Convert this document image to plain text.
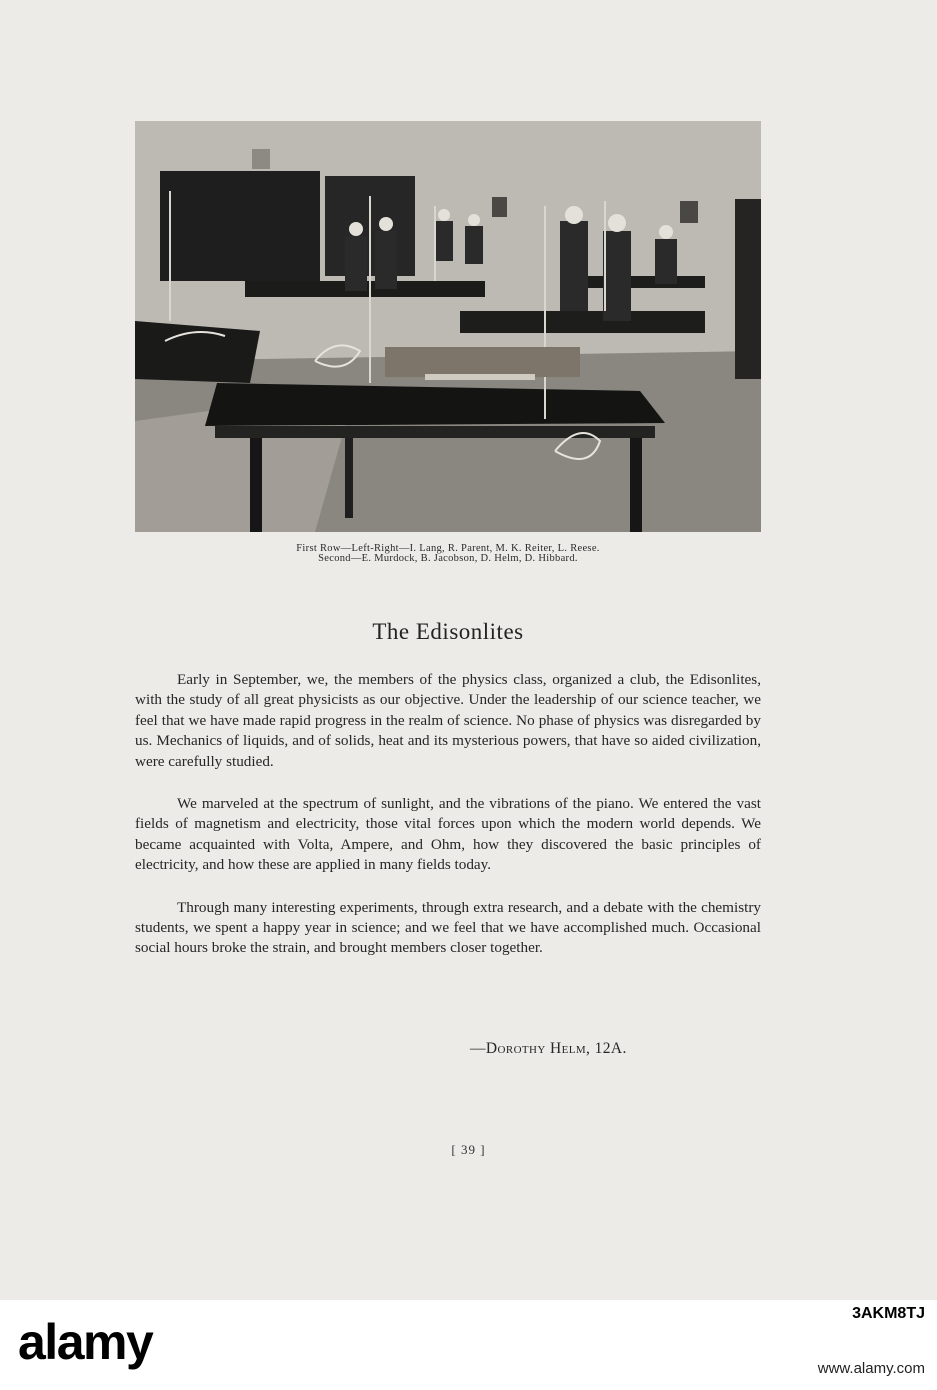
First Row—Left-Right—I. Lang, R. Parent, M. K. Reiter, L. Reese.
Second—E. Murdock, B. Jacobson, D. Helm, D. Hibbard.
The Edisonlites

Early in September, we, the members of the physics class, organized a club, the Edisonlites, with the study of all great physicists as our objective. Under the leadership of our science teacher, we feel that we have made rapid progress in the realm of science. No phase of physics was disregarded by us. Mechanics of liquids, and of solids, heat and its mysterious powers, that have so aided civilization, were carefully studied.

We marveled at the spectrum of sunlight, and the vibrations of the piano. We entered the vast fields of magnetism and electricity, those vital forces upon which the modern world depends. We became acquainted with Volta, Ampere, and Ohm, how they discovered the basic principles of electricity, and how these are applied in many fields today.

Through many interesting experiments, through extra research, and a debate with the chemistry students, we spent a happy year in science; and we feel that we have accomplished much. Occasional social hours broke the strain, and brought members closer together.

—Dorothy Helm, 12A.
[ 39 ]
alamy
3AKM8TJ
www.alamy.com
